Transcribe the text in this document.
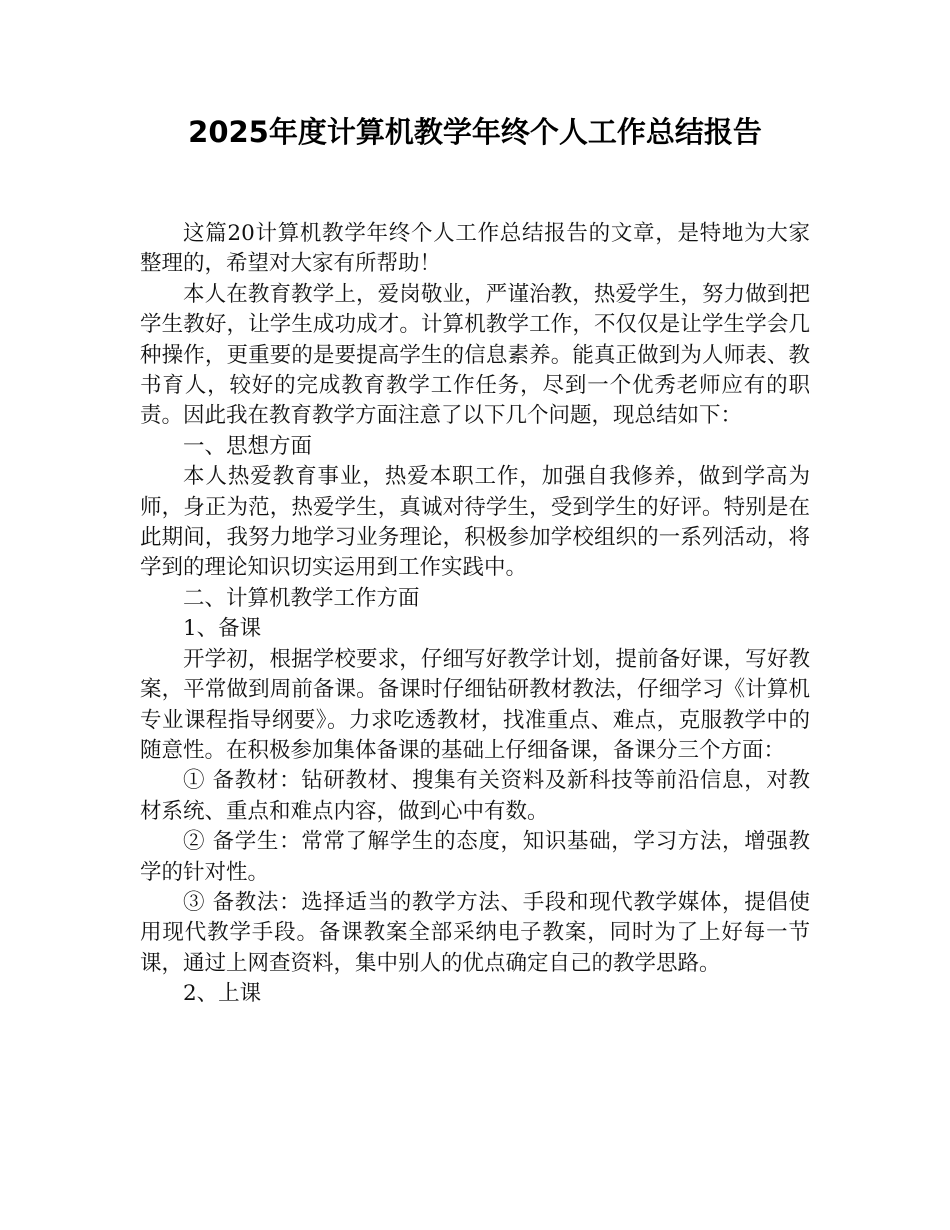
2025年度计算机教学年终个人工作总结报告

这篇20计算机教学年终个人工作总结报告的文章，是特地为大家整理的，希望对大家有所帮助！

本人在教育教学上，爱岗敬业，严谨治教，热爱学生，努力做到把学生教好，让学生成功成才。计算机教学工作，不仅仅是让学生学会几种操作，更重要的是要提高学生的信息素养。能真正做到为人师表、教书育人，较好的完成教育教学工作任务，尽到一个优秀老师应有的职责。因此我在教育教学方面注意了以下几个问题，现总结如下：

一、思想方面

本人热爱教育事业，热爱本职工作，加强自我修养，做到学高为师，身正为范，热爱学生，真诚对待学生，受到学生的好评。特别是在此期间，我努力地学习业务理论，积极参加学校组织的一系列活动，将学到的理论知识切实运用到工作实践中。

二、计算机教学工作方面

1、备课

开学初，根据学校要求，仔细写好教学计划，提前备好课，写好教案，平常做到周前备课。备课时仔细钻研教材教法，仔细学习《计算机专业课程指导纲要》。力求吃透教材，找准重点、难点，克服教学中的随意性。在积极参加集体备课的基础上仔细备课，备课分三个方面：

① 备教材：钻研教材、搜集有关资料及新科技等前沿信息，对教材系统、重点和难点内容，做到心中有数。

② 备学生：常常了解学生的态度，知识基础，学习方法，增强教学的针对性。

③ 备教法：选择适当的教学方法、手段和现代教学媒体，提倡使用现代教学手段。备课教案全部采纳电子教案，同时为了上好每一节课，通过上网查资料，集中别人的优点确定自己的教学思路。

2、上课
